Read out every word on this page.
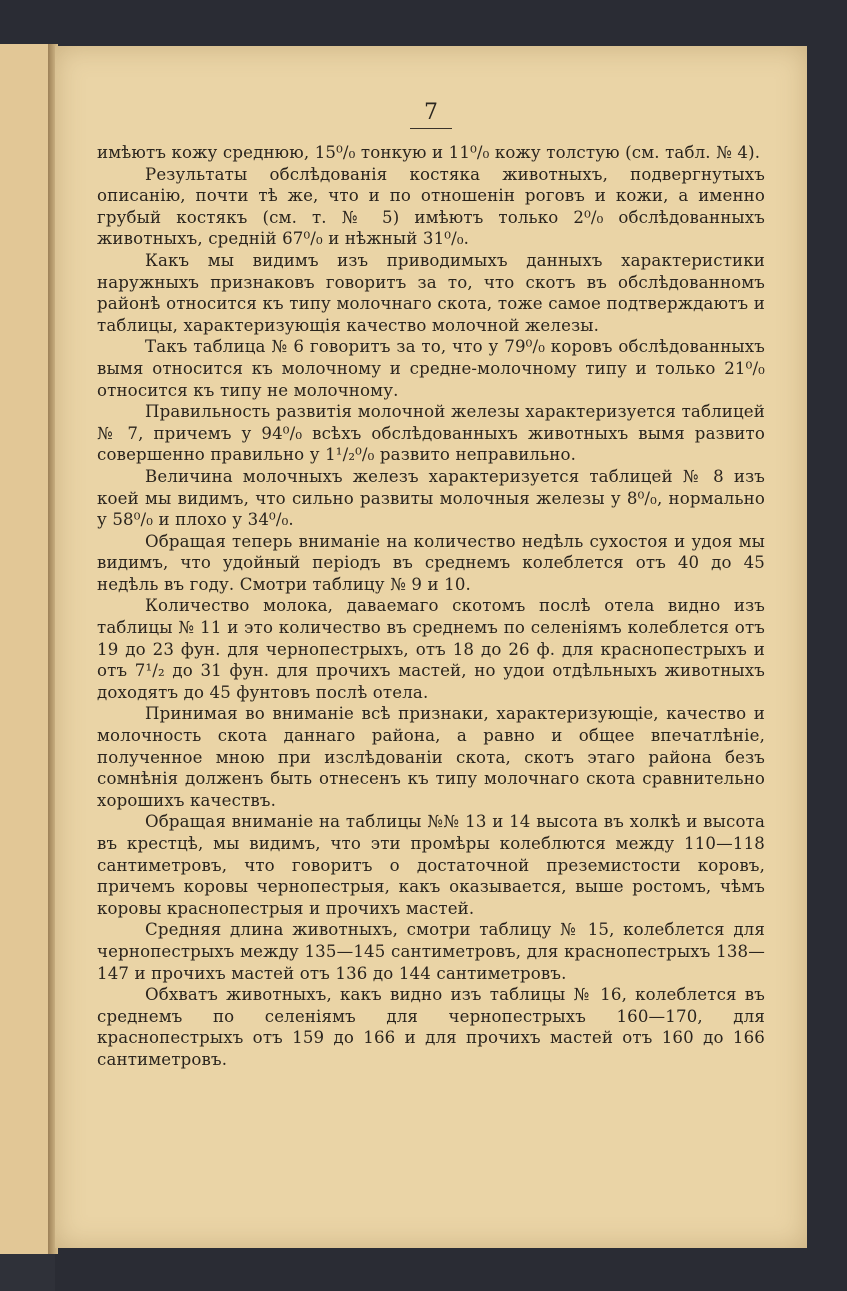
7

имѣютъ кожу среднюю, 15⁰/₀ тонкую и 11⁰/₀ кожу толстую (см. табл. № 4).

Результаты обслѣдованія костяка животныхъ, подвергнутыхъ описанію, почти тѣ же, что и по отношенін роговъ и кожи, а именно грубый костякъ (см. т. № 5) имѣютъ только 2⁰/₀ обслѣдованныхъ животныхъ, средній 67⁰/₀ и нѣжный 31⁰/₀.

Какъ мы видимъ изъ приводимыхъ данныхъ характеристики наружныхъ признаковъ говоритъ за то, что скотъ въ обслѣдованномъ районѣ относится къ типу молочнаго скота, тоже самое подтверждаютъ и таблицы, характеризующія качество молочной железы.

Такъ таблица № 6 говоритъ за то, что у 79⁰/₀ коровъ обслѣдованныхъ вымя относится къ молочному и средне-молочному типу и только 21⁰/₀ относится къ типу не молочному.

Правильность развитія молочной железы характеризуется таблицей № 7, причемъ у 94⁰/₀ всѣхъ обслѣдованныхъ животныхъ вымя развито совершенно правильно у 1¹/₂⁰/₀ развито неправильно.

Величина молочныхъ железъ характеризуется таблицей № 8 изъ коей мы видимъ, что сильно развиты молочныя железы у 8⁰/₀, нормально у 58⁰/₀ и плохо у 34⁰/₀.

Обращая теперь вниманіе на количество недѣль сухостоя и удоя мы видимъ, что удойный періодъ въ среднемъ колеблется отъ 40 до 45 недѣль въ году. Смотри таблицу № 9 и 10.

Количество молока, даваемаго скотомъ послѣ отела видно изъ таблицы № 11 и это количество въ среднемъ по селеніямъ колеблется отъ 19 до 23 фун. для чернопестрыхъ, отъ 18 до 26 ф. для краснопестрыхъ и отъ 7¹/₂ до 31 фун. для прочихъ мастей, но удои отдѣльныхъ животныхъ доходятъ до 45 фунтовъ послѣ отела.

Принимая во вниманіе всѣ признаки, характеризующіе, качество и молочность скота даннаго района, а равно и общее впечатлѣніе, полученное мною при изслѣдованіи скота, скотъ этаго района безъ сомнѣнія долженъ быть отнесенъ къ типу молочнаго скота сравнительно хорошихъ качествъ.

Обращая вниманіе на таблицы №№ 13 и 14 высота въ холкѣ и высота въ крестцѣ, мы видимъ, что эти промѣры колеблются между 110—118 сантиметровъ, что говоритъ о достаточной преземистости коровъ, причемъ коровы чернопестрыя, какъ оказывается, выше ростомъ, чѣмъ коровы краснопестрыя и прочихъ мастей.

Средняя длина животныхъ, смотри таблицу № 15, колеблется для чернопестрыхъ между 135—145 сантиметровъ, для краснопестрыхъ 138—147 и прочихъ мастей отъ 136 до 144 сантиметровъ.

Обхватъ животныхъ, какъ видно изъ таблицы № 16, колеблется въ среднемъ по селеніямъ для чернопестрыхъ 160—170, для краснопестрыхъ отъ 159 до 166 и для прочихъ мастей отъ 160 до 166 сантиметровъ.
